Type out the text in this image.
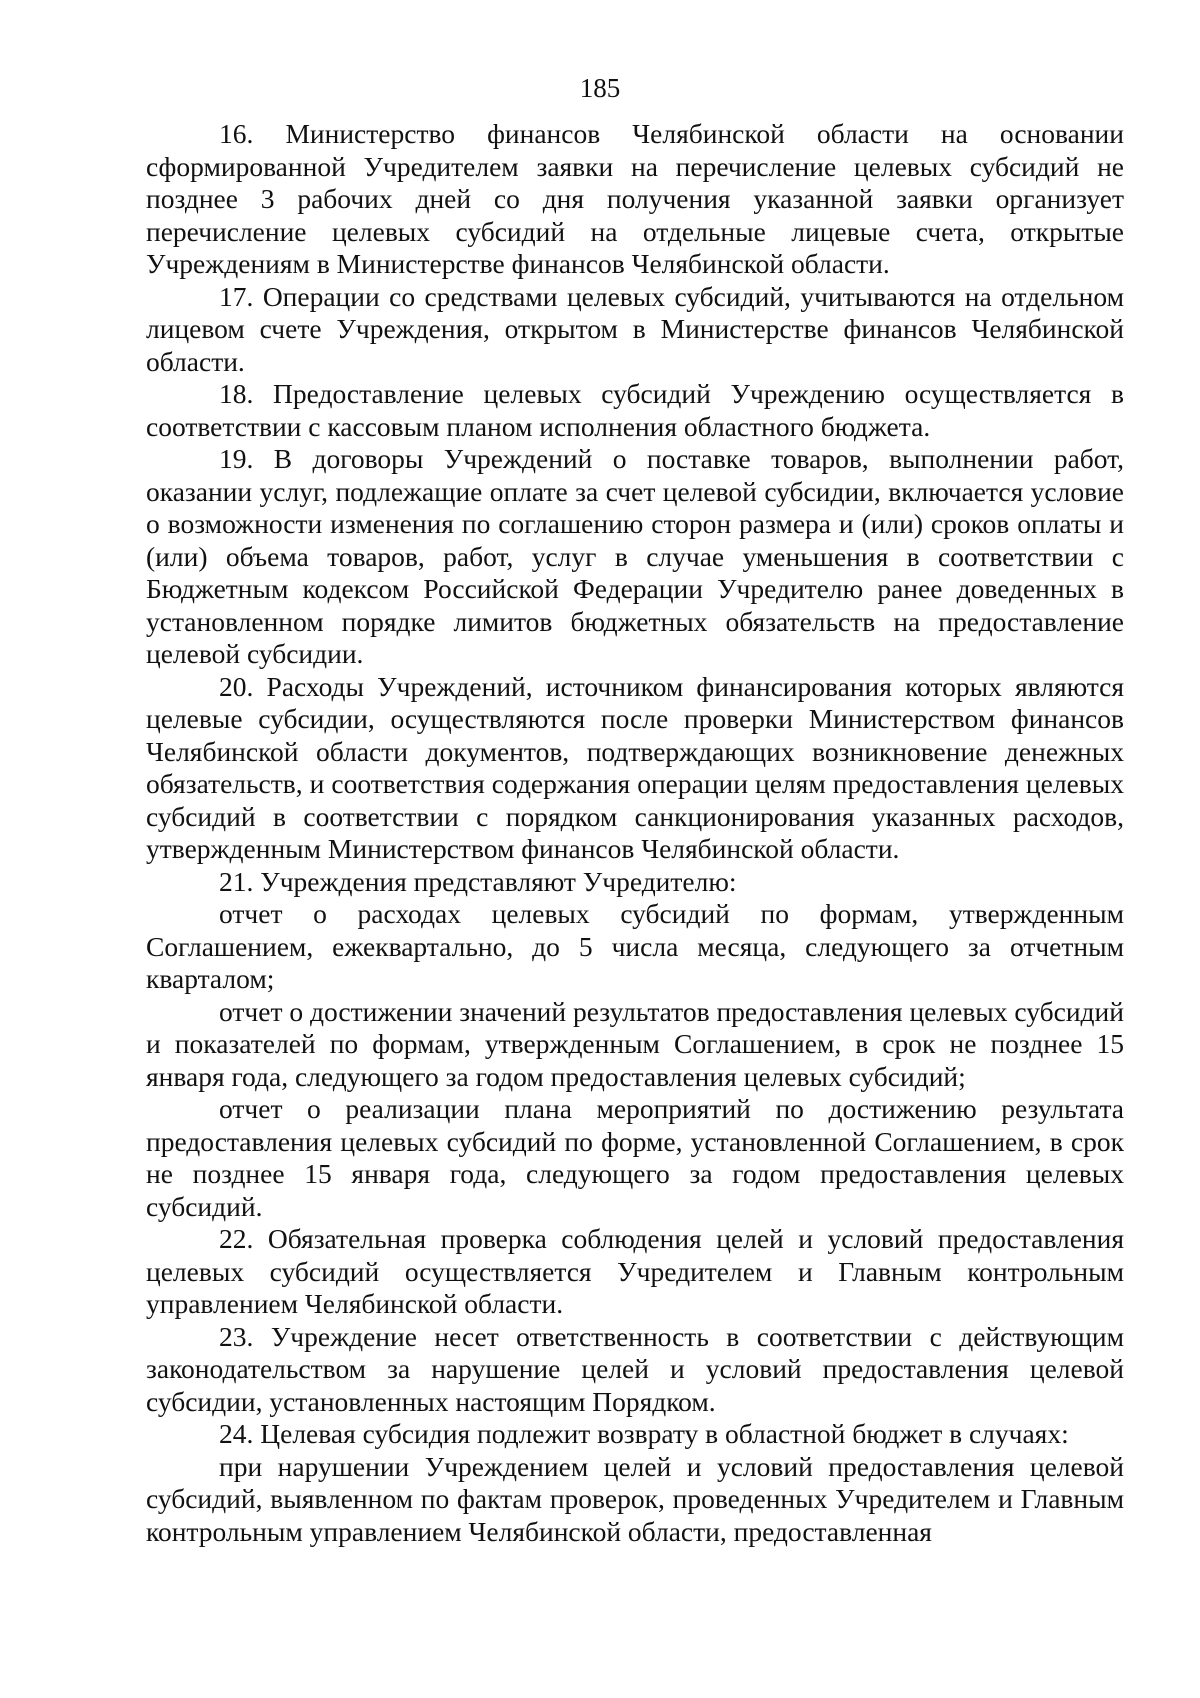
185

16. Министерство финансов Челябинской области на основании сформированной Учредителем заявки на перечисление целевых субсидий не позднее 3 рабочих дней со дня получения указанной заявки организует перечисление целевых субсидий на отдельные лицевые счета, открытые Учреждениям в Министерстве финансов Челябинской области.

17. Операции со средствами целевых субсидий, учитываются на отдельном лицевом счете Учреждения, открытом в Министерстве финансов Челябинской области.

18. Предоставление целевых субсидий Учреждению осуществляется в соответствии с кассовым планом исполнения областного бюджета.

19. В договоры Учреждений о поставке товаров, выполнении работ, оказании услуг, подлежащие оплате за счет целевой субсидии, включается условие о возможности изменения по соглашению сторон размера и (или) сроков оплаты и (или) объема товаров, работ, услуг в случае уменьшения в соответствии с Бюджетным кодексом Российской Федерации Учредителю ранее доведенных в установленном порядке лимитов бюджетных обязательств на предоставление целевой субсидии.

20. Расходы Учреждений, источником финансирования которых являются целевые субсидии, осуществляются после проверки Министерством финансов Челябинской области документов, подтверждающих возникновение денежных обязательств, и соответствия содержания операции целям предоставления целевых субсидий в соответствии с порядком санкционирования указанных расходов, утвержденным Министерством финансов Челябинской области.

21. Учреждения представляют Учредителю:

отчет о расходах целевых субсидий по формам, утвержденным Соглашением, ежеквартально, до 5 числа месяца, следующего за отчетным кварталом;

отчет о достижении значений результатов предоставления целевых субсидий и показателей по формам, утвержденным Соглашением, в срок не позднее 15 января года, следующего за годом предоставления целевых субсидий;

отчет о реализации плана мероприятий по достижению результата предоставления целевых субсидий по форме, установленной Соглашением, в срок не позднее 15 января года, следующего за годом предоставления целевых субсидий.

22. Обязательная проверка соблюдения целей и условий предоставления целевых субсидий осуществляется Учредителем и Главным контрольным управлением Челябинской области.

23. Учреждение несет ответственность в соответствии с действующим законодательством за нарушение целей и условий предоставления целевой субсидии, установленных настоящим Порядком.

24. Целевая субсидия подлежит возврату в областной бюджет в случаях:

при нарушении Учреждением целей и условий предоставления целевой субсидий, выявленном по фактам проверок, проведенных Учредителем и Главным контрольным управлением Челябинской области, предоставленная
